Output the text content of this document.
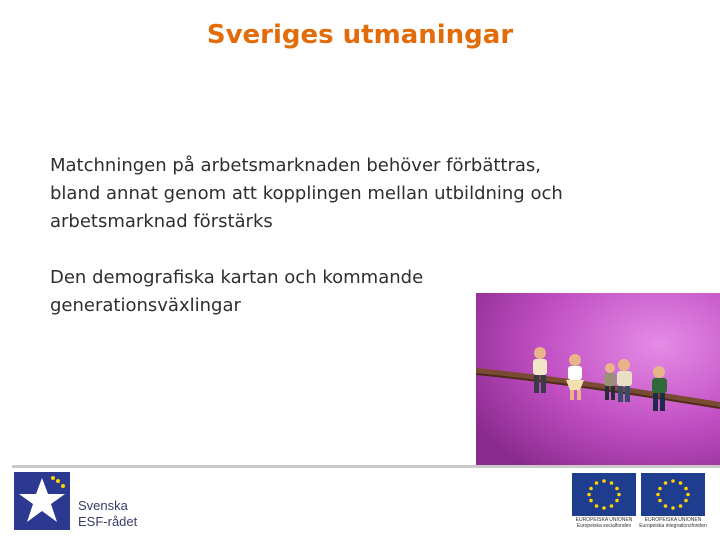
Sveriges utmaningar

Matchningen på arbetsmarknaden behöver förbättras,
bland annat genom att kopplingen mellan utbildning och
arbetsmarknad förstärks

Den demografiska kartan och kommande
generationsväxlingar

Svenska
ESF-rådet	EUROPEISKA UNIONEN
Europeiska socialfonden
EUROPEISKA UNIONEN
Europeiska integrationsfonden
